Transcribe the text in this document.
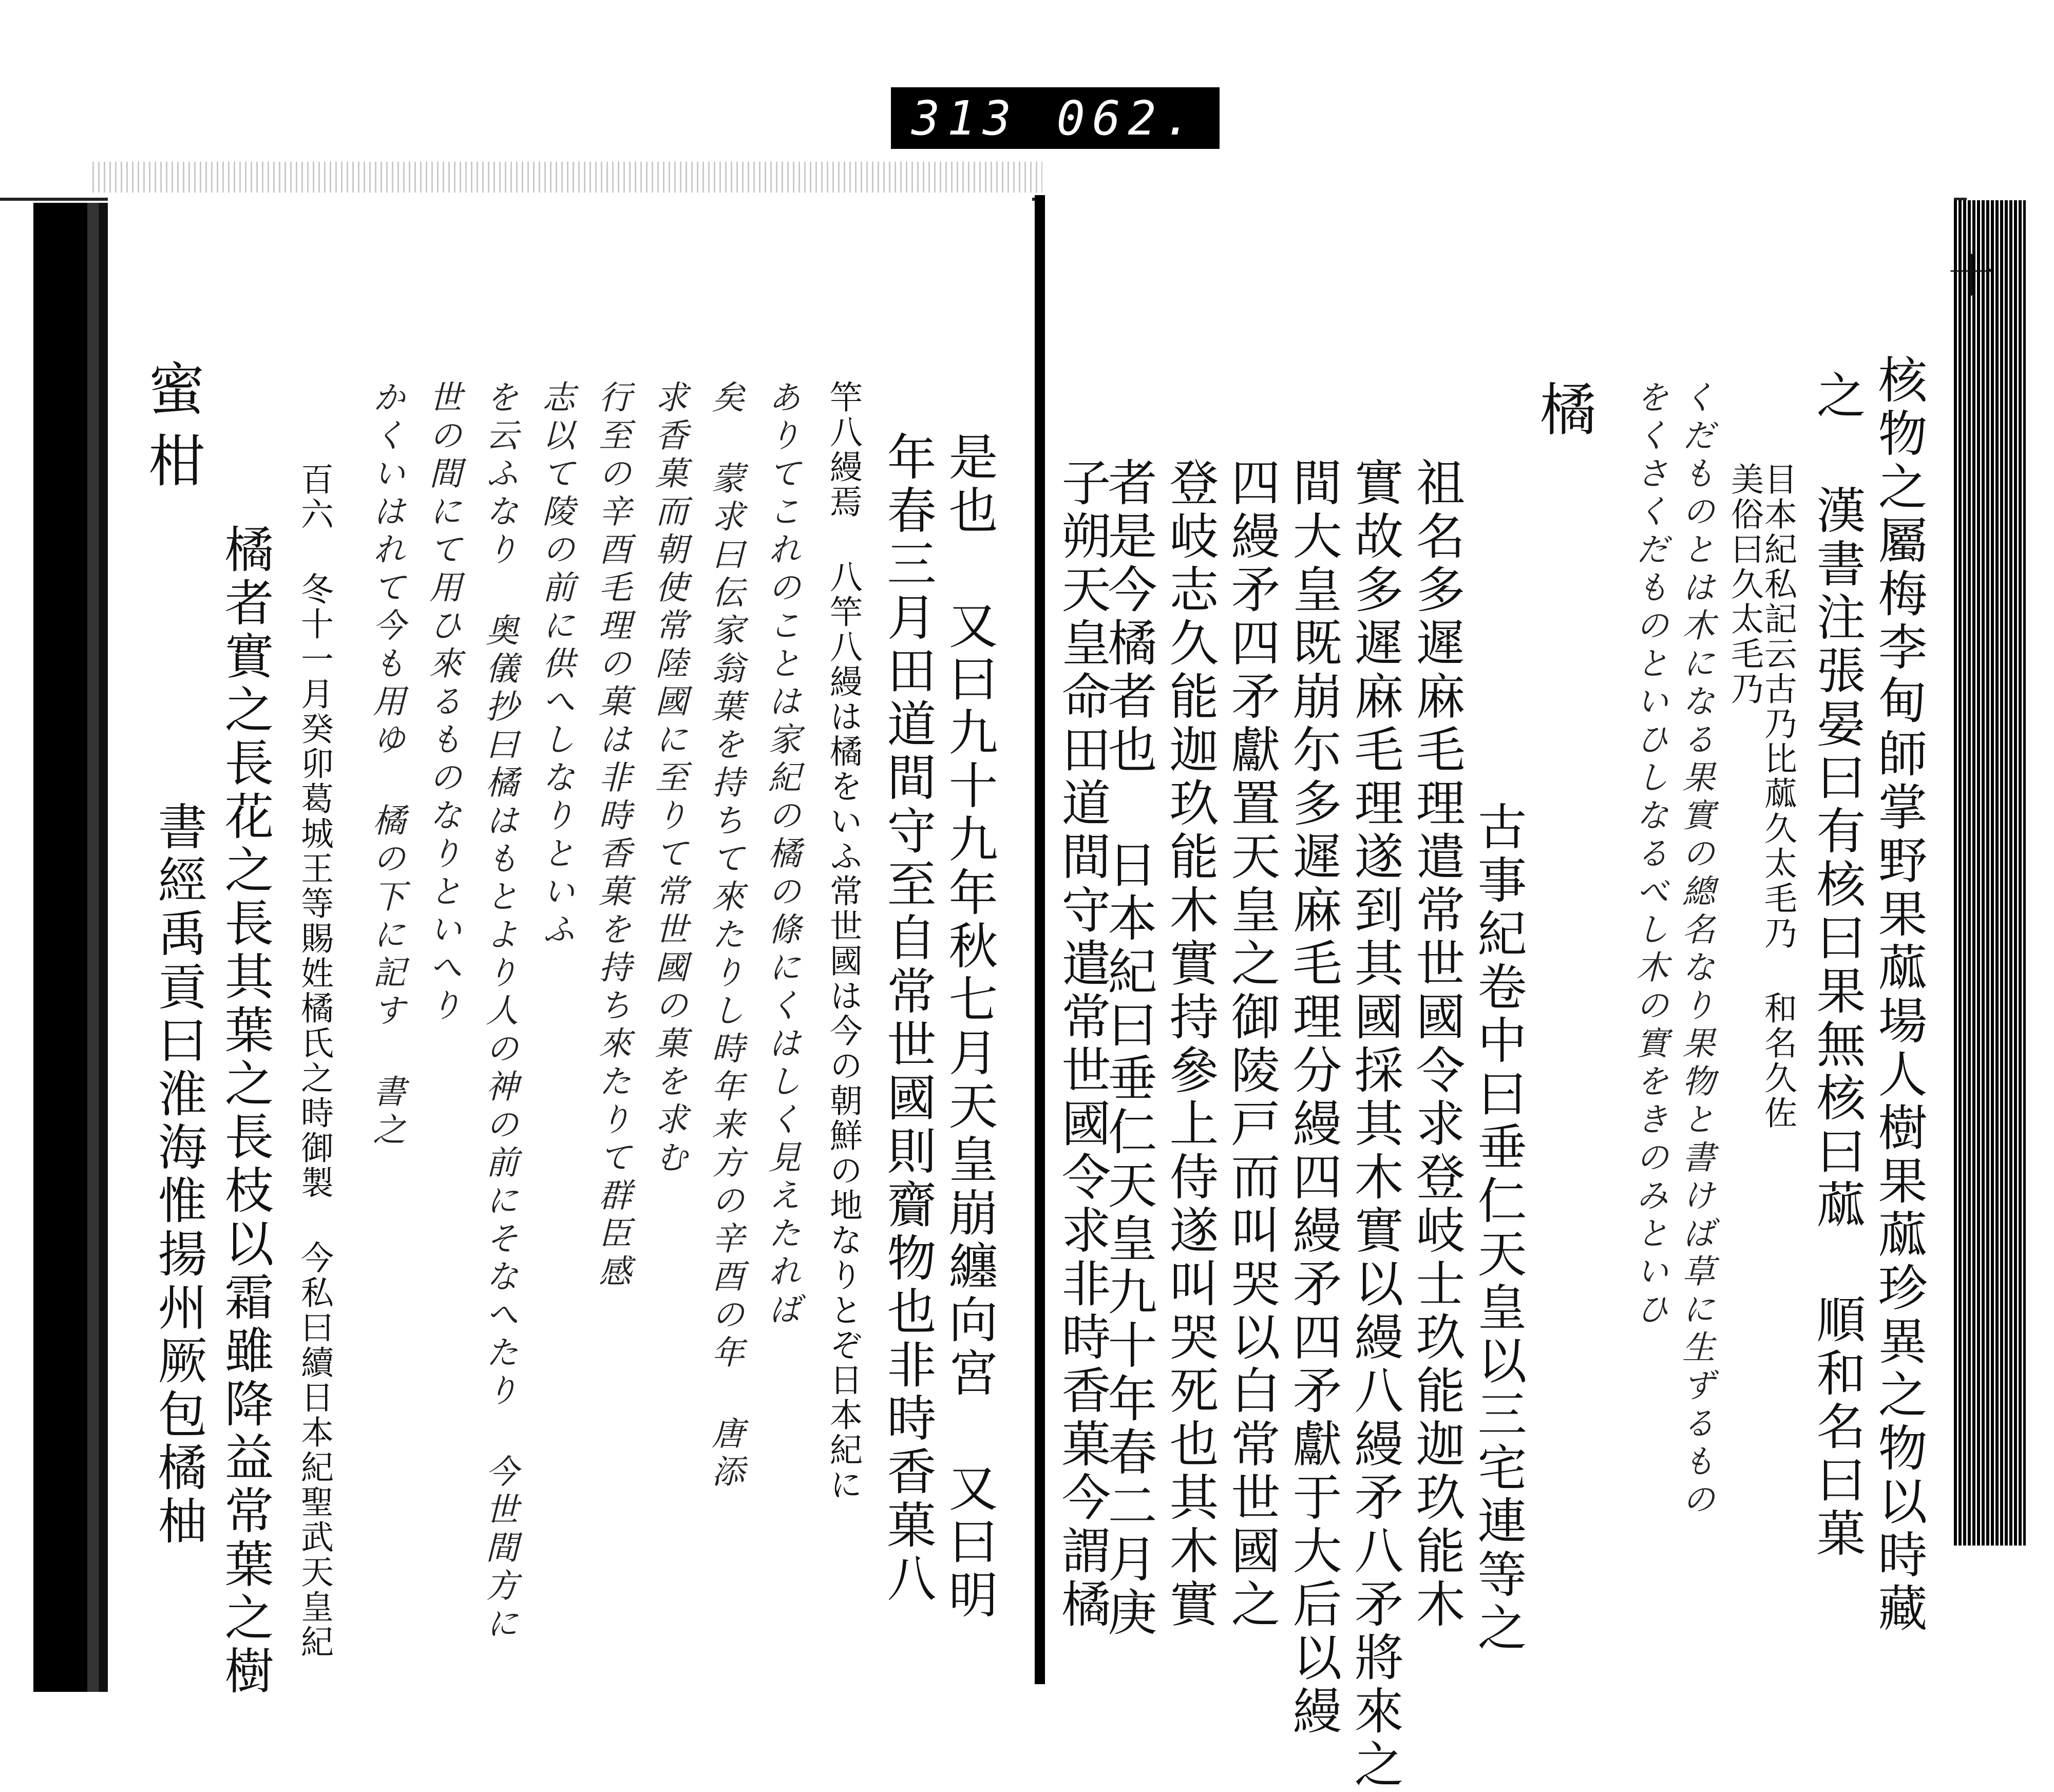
313 062.
十
核物之屬梅李甸師掌野果蓏場人樹果蓏珍異之物以時藏
之 漢書注張晏曰有核曰果無核曰蓏 順和名曰菓
目本紀私記云古乃比蓏久太毛乃 和名久佐
美俗曰久太毛乃
くだものとは木になる果實の總名なり果物と書けば草に生ずるもの
をくさくだものといひしなるべし木の實をきのみといひ
橘
古事紀卷中曰垂仁天皇以三宅連等之
祖名多遲麻毛理遣常世國令求登岐士玖能迦玖能木
實故多遲麻毛理遂到其國採其木實以縵八縵矛八矛將來之
間大皇既崩尓多遲麻毛理分縵四縵矛四矛獻于大后以縵
四縵矛四矛獻置天皇之御陵戸而叫哭以白常世國之
登岐志久能迦玖能木實持參上侍遂叫哭死也其木實
者是今橘者也 日本紀曰垂仁天皇九十年春二月庚
子朔天皇命田道間守遣常世國令求非時香菓今謂橘
是也 又曰九十九年秋七月天皇崩纏向宮 又曰明
年春三月田道間守至自常世國則齎物也非時香菓八
竿八縵焉 八竿八縵は橘をいふ常世國は今の朝鮮の地なりとぞ日本紀に
ありてこれのことは家紀の橘の條にくはしく見えたれば
矣 蒙求曰伝家翁葉を持ちて來たりし時年来方の辛酉の年 唐添
求香菓而朝使常陸國に至りて常世國の菓を求む
行至の辛酉毛理の菓は非時香菓を持ち來たりて群臣感
志以て陵の前に供へしなりといふ
を云ふなり 奥儀抄曰橘はもとより人の神の前にそなへたり 今世間方に
世の間にて用ひ來るものなりといへり
かくいはれて今も用ゆ 橘の下に記す 書之
百六 冬十一月癸卯葛城王等賜姓橘氏之時御製 今私曰續日本紀聖武天皇紀
橘者實之長花之長其葉之長枝以霜雖降益常葉之樹
書經禹貢曰淮海惟揚州厥包橘柚
蜜柑
